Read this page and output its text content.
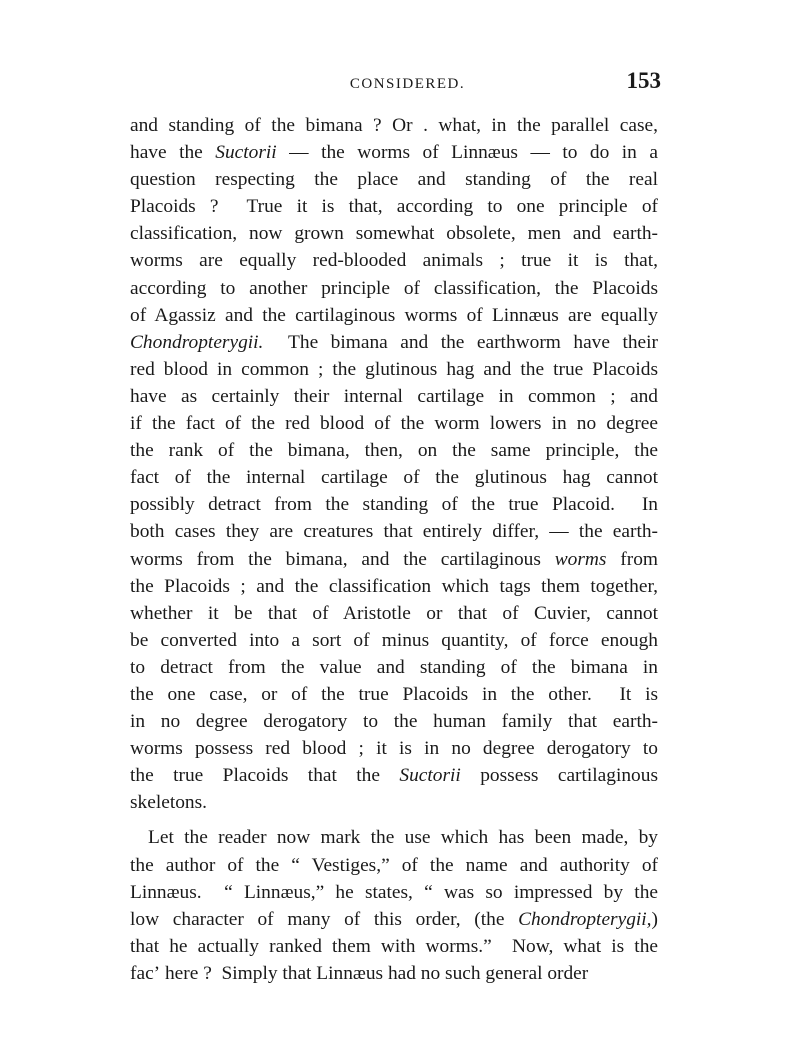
CONSIDERED.	153
and standing of the bimana ? Or . what, in the parallel case,
have the Suctorii — the worms of Linnæus — to do in a
question respecting the place and standing of the real
Placoids ?  True it is that, according to one principle of
classification, now grown somewhat obsolete, men and earth-
worms are equally red-blooded animals ; true it is that,
according to another principle of classification, the Placoids
of Agassiz and the cartilaginous worms of Linnæus are equally
Chondropterygii.  The bimana and the earthworm have their
red blood in common ; the glutinous hag and the true Placoids
have as certainly their internal cartilage in common ; and
if the fact of the red blood of the worm lowers in no degree
the rank of the bimana, then, on the same principle, the
fact of the internal cartilage of the glutinous hag cannot
possibly detract from the standing of the true Placoid.  In
both cases they are creatures that entirely differ, — the earth-
worms from the bimana, and the cartilaginous worms from
the Placoids ; and the classification which tags them together,
whether it be that of Aristotle or that of Cuvier, cannot
be converted into a sort of minus quantity, of force enough
to detract from the value and standing of the bimana in
the one case, or of the true Placoids in the other.  It is
in no degree derogatory to the human family that earth-
worms possess red blood ; it is in no degree derogatory to
the true Placoids that the Suctorii possess cartilaginous
skeletons.
Let the reader now mark the use which has been made, by
the author of the “ Vestiges,” of the name and authority of
Linnæus.  “ Linnæus,” he states, “ was so impressed by the
low character of many of this order, (the Chondropterygii,)
that he actually ranked them with worms.”  Now, what is the
facʼ here ?  Simply that Linnæus had no such general order
